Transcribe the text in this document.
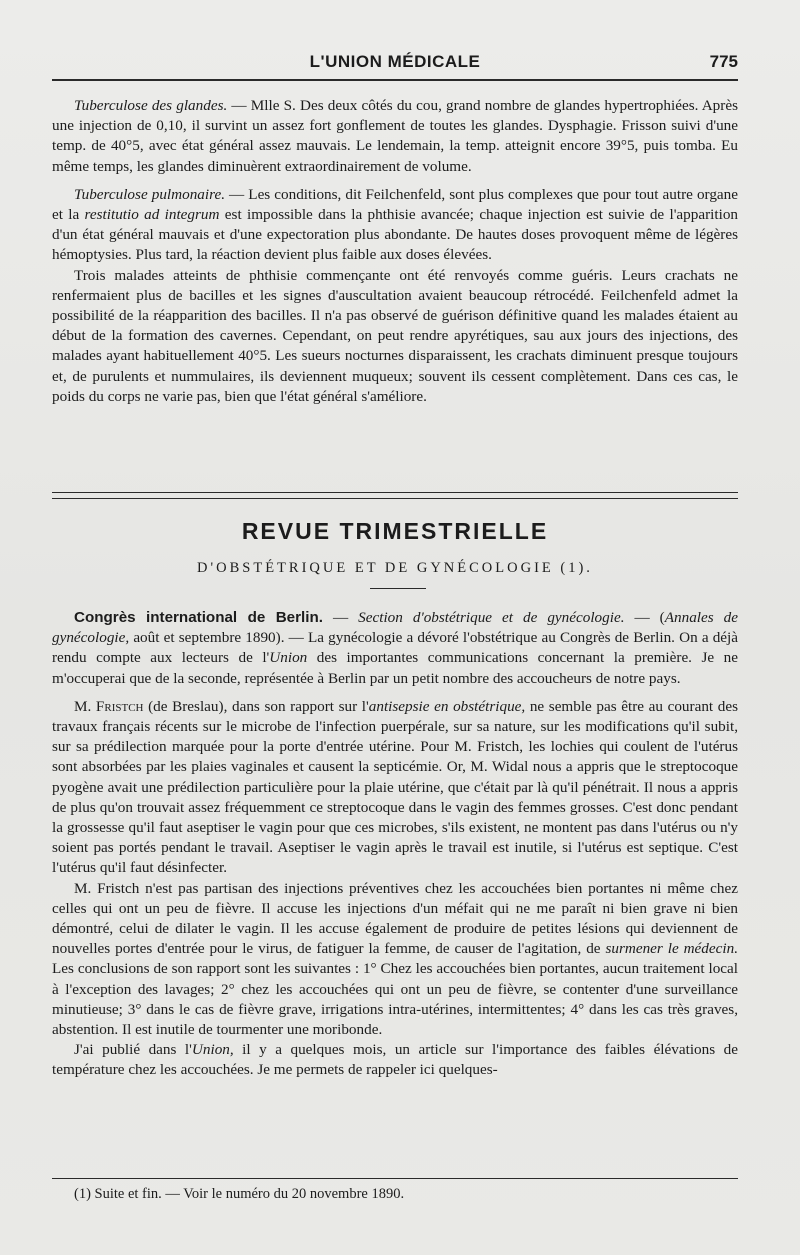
L'UNION MÉDICALE	775

Tuberculose des glandes. — Mlle S. Des deux côtés du cou, grand nombre de glandes hypertrophiées. Après une injection de 0,10, il survint un assez fort gonflement de toutes les glandes. Dysphagie. Frisson suivi d'une temp. de 40°5, avec état général assez mauvais. Le lendemain, la temp. atteignit encore 39°5, puis tomba. Eu même temps, les glandes diminuèrent extraordinairement de volume.

Tuberculose pulmonaire. — Les conditions, dit Feilchenfeld, sont plus complexes que pour tout autre organe et la restitutio ad integrum est impossible dans la phthisie avancée; chaque injection est suivie de l'apparition d'un état général mauvais et d'une expectoration plus abondante. De hautes doses provoquent même de légères hémoptysies. Plus tard, la réaction devient plus faible aux doses élevées.

Trois malades atteints de phthisie commençante ont été renvoyés comme guéris. Leurs crachats ne renfermaient plus de bacilles et les signes d'auscultation avaient beaucoup rétrocédé. Feilchenfeld admet la possibilité de la réapparition des bacilles. Il n'a pas observé de guérison définitive quand les malades étaient au début de la formation des cavernes. Cependant, on peut rendre apyrétiques, sau aux jours des injections, des malades ayant habituellement 40°5. Les sueurs nocturnes disparaissent, les crachats diminuent presque toujours et, de purulents et nummulaires, ils deviennent muqueux; souvent ils cessent complètement. Dans ces cas, le poids du corps ne varie pas, bien que l'état général s'améliore.

REVUE TRIMESTRIELLE
D'OBSTÉTRIQUE ET DE GYNÉCOLOGIE (1).

Congrès international de Berlin. — Section d'obstétrique et de gynécologie. — (Annales de gynécologie, août et septembre 1890). — La gynécologie a dévoré l'obstétrique au Congrès de Berlin. On a déjà rendu compte aux lecteurs de l'Union des importantes communications concernant la première. Je ne m'occuperai que de la seconde, représentée à Berlin par un petit nombre des accoucheurs de notre pays.

M. Fristch (de Breslau), dans son rapport sur l'antisepsie en obstétrique, ne semble pas être au courant des travaux français récents sur le microbe de l'infection puerpérale, sur sa nature, sur les modifications qu'il subit, sur sa prédilection marquée pour la porte d'entrée utérine. Pour M. Fristch, les lochies qui coulent de l'utérus sont absorbées par les plaies vaginales et causent la septicémie. Or, M. Widal nous a appris que le streptocoque pyogène avait une prédilection particulière pour la plaie utérine, que c'était par là qu'il pénétrait. Il nous a appris de plus qu'on trouvait assez fréquemment ce streptocoque dans le vagin des femmes grosses. C'est donc pendant la grossesse qu'il faut aseptiser le vagin pour que ces microbes, s'ils existent, ne montent pas dans l'utérus ou n'y soient pas portés pendant le travail. Aseptiser le vagin après le travail est inutile, si l'utérus est septique. C'est l'utérus qu'il faut désinfecter.

M. Fristch n'est pas partisan des injections préventives chez les accouchées bien portantes ni même chez celles qui ont un peu de fièvre. Il accuse les injections d'un méfait qui ne me paraît ni bien grave ni bien démontré, celui de dilater le vagin. Il les accuse également de produire de petites lésions qui deviennent de nouvelles portes d'entrée pour le virus, de fatiguer la femme, de causer de l'agitation, de surmener le médecin. Les conclusions de son rapport sont les suivantes : 1° Chez les accouchées bien portantes, aucun traitement local à l'exception des lavages; 2° chez les accouchées qui ont un peu de fièvre, se contenter d'une surveillance minutieuse; 3° dans le cas de fièvre grave, irrigations intra-utérines, intermittentes; 4° dans les cas très graves, abstention. Il est inutile de tourmenter une moribonde.

J'ai publié dans l'Union, il y a quelques mois, un article sur l'importance des faibles élévations de température chez les accouchées. Je me permets de rappeler ici quelques-

(1) Suite et fin. — Voir le numéro du 20 novembre 1890.
